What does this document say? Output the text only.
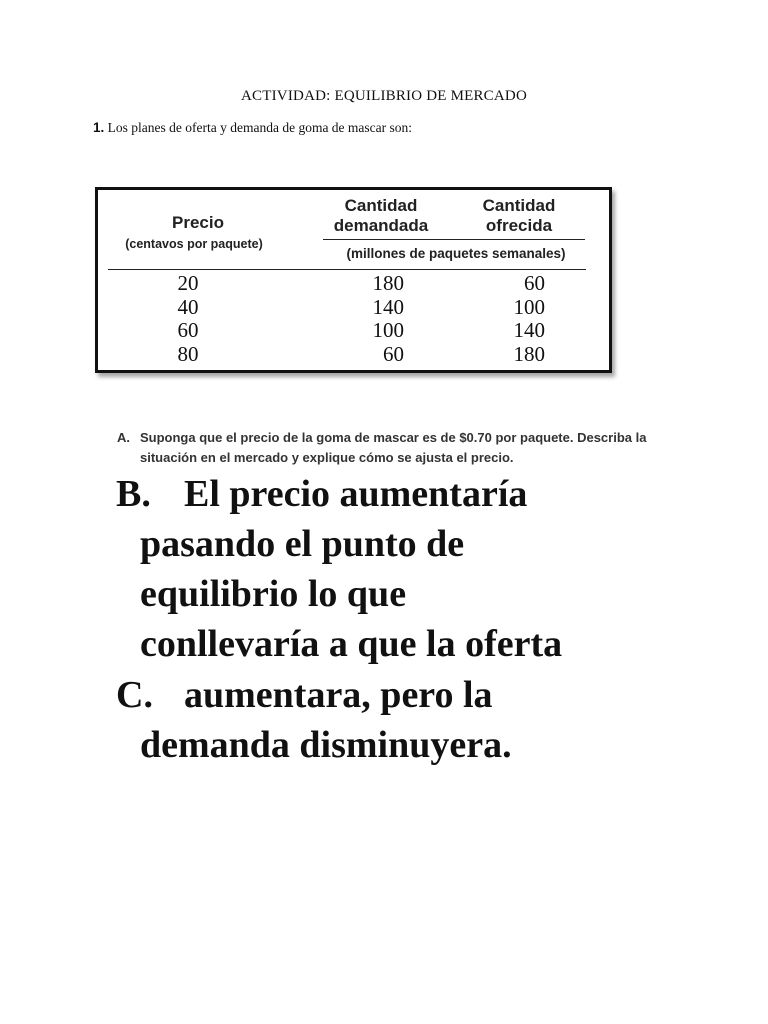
ACTIVIDAD: EQUILIBRIO DE MERCADO
1. Los planes de oferta y demanda de goma de mascar son:
Precio
(centavos por paquete)
Cantidad
demandada
Cantidad
ofrecida
(millones de paquetes semanales)
20	180	60
40	140	100
60	100	140
80	60	180
A. Suponga que el precio de la goma de mascar es de $0.70 por paquete. Describa la situación en el mercado y explique cómo se ajusta el precio.
B. El precio aumentaría
pasando el punto de
equilibrio lo que
conllevaría a que la oferta
C. aumentara, pero la
demanda disminuyera.
